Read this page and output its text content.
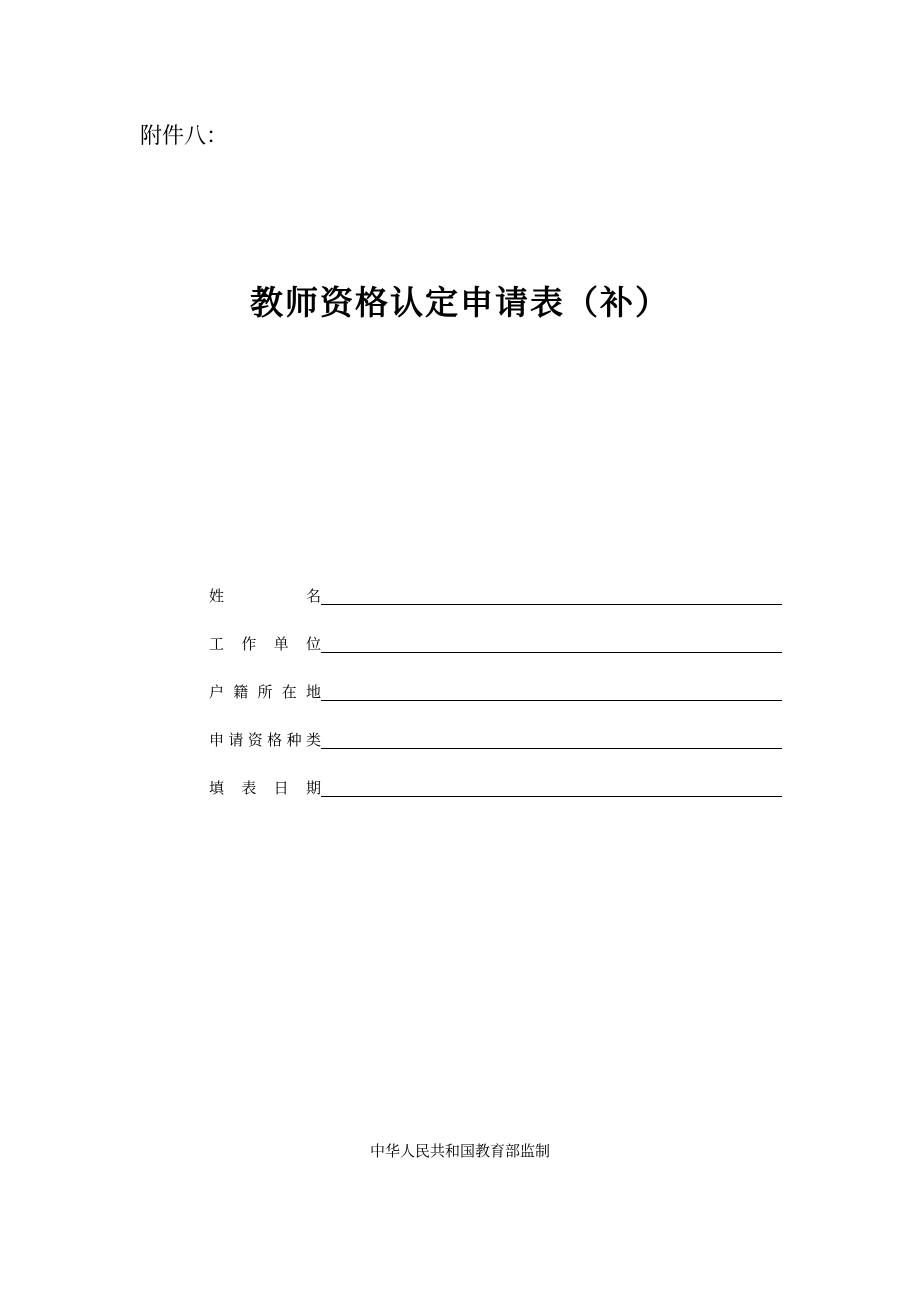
附件八：
教师资格认定申请表（补）
姓	名
工 作 单 位
户 籍 所 在 地
申 请 资 格 种 类
填 表 日 期
中华人民共和国教育部监制
